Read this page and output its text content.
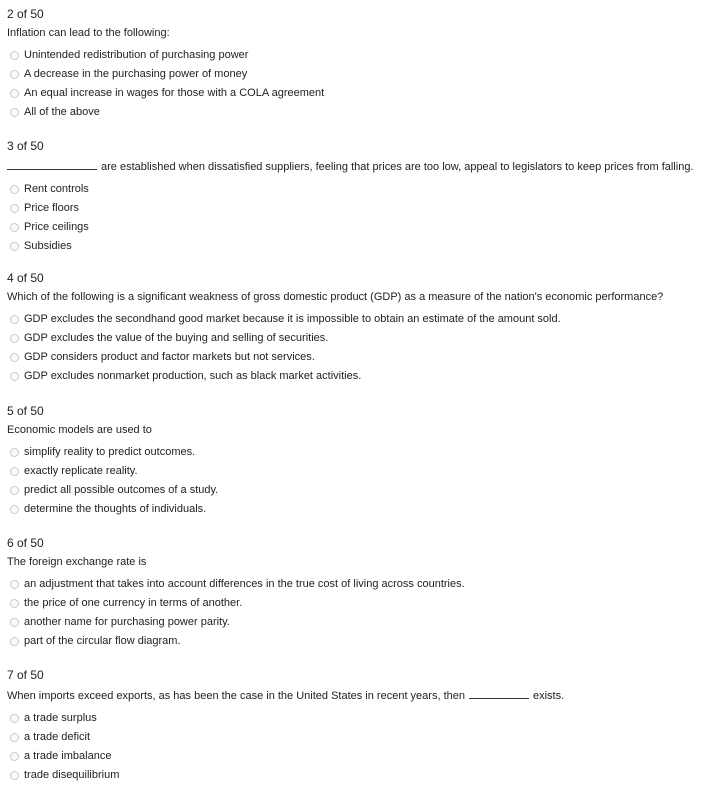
2 of 50
Inflation can lead to the following:
Unintended redistribution of purchasing power
A decrease in the purchasing power of money
An equal increase in wages for those with a COLA agreement
All of the above
3 of 50
are established when dissatisfied suppliers, feeling that prices are too low, appeal to legislators to keep prices from falling.
Rent controls
Price floors
Price ceilings
Subsidies
4 of 50
Which of the following is a significant weakness of gross domestic product (GDP) as a measure of the nation's economic performance?
GDP excludes the secondhand good market because it is impossible to obtain an estimate of the amount sold.
GDP excludes the value of the buying and selling of securities.
GDP considers product and factor markets but not services.
GDP excludes nonmarket production, such as black market activities.
5 of 50
Economic models are used to
simplify reality to predict outcomes.
exactly replicate reality.
predict all possible outcomes of a study.
determine the thoughts of individuals.
6 of 50
The foreign exchange rate is
an adjustment that takes into account differences in the true cost of living across countries.
the price of one currency in terms of another.
another name for purchasing power parity.
part of the circular flow diagram.
7 of 50
When imports exceed exports, as has been the case in the United States in recent years, then	exists.
a trade surplus
a trade deficit
a trade imbalance
trade disequilibrium
